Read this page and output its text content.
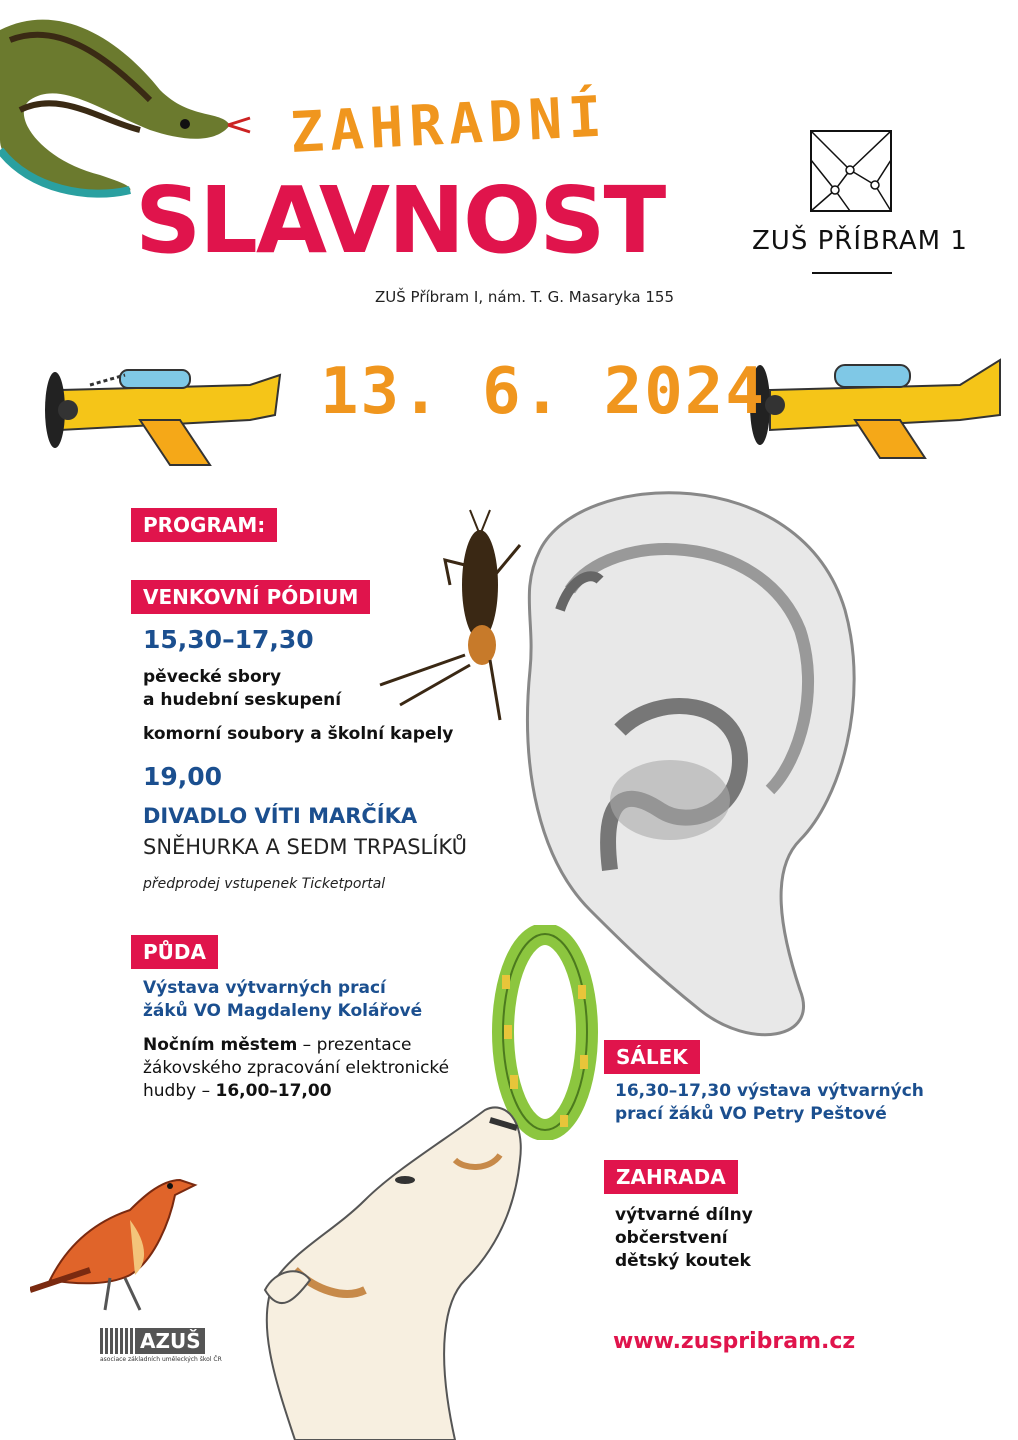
ZAHRADNÍ
SLAVNOST
ZUŠ Příbram I, nám. T. G. Masaryka 155
13. 6. 2024
ZUŠ PŘÍBRAM 1
PROGRAM:
VENKOVNÍ PÓDIUM
15,30–17,30
pěvecké sbory
a hudební seskupení
komorní soubory a školní kapely
19,00
DIVADLO VÍTI MARČÍKA
SNĚHURKA A SEDM TRPASLÍKŮ
předprodej vstupenek Ticketportal
PŮDA
Výstava výtvarných prací
žáků VO Magdaleny Kolářové
Nočním městem – prezentace
žákovského zpracování elektronické
hudby – 16,00–17,00
SÁLEK
16,30–17,30 výstava výtvarných
prací žáků VO Petry Peštové
ZAHRADA
výtvarné dílny
občerstvení
dětský koutek
www.zuspribram.cz
AZUŠ
asociace základních uměleckých škol ČR
